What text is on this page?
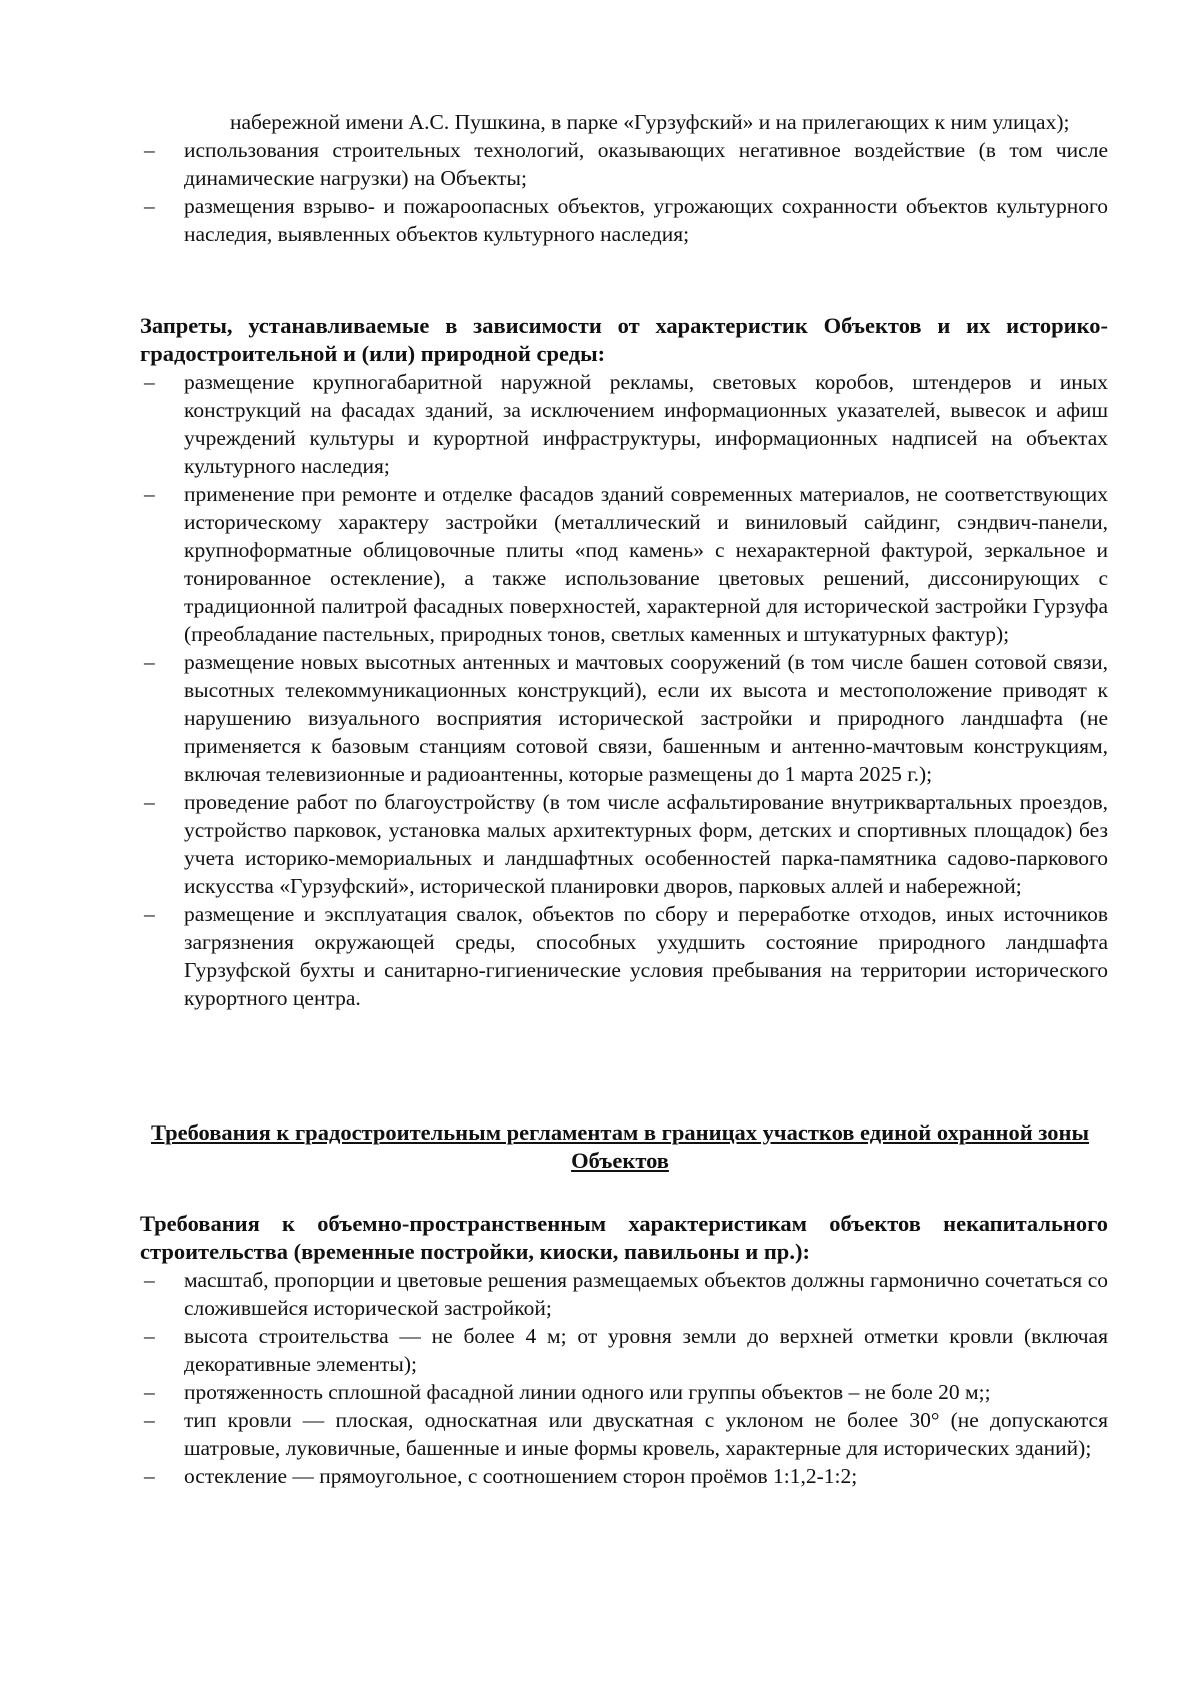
набережной имени А.С. Пушкина, в парке «Гурзуфский» и на прилегающих к ним улицах);

– использования строительных технологий, оказывающих негативное воздействие (в том числе динамические нагрузки) на Объекты;
– размещения взрыво- и пожароопасных объектов, угрожающих сохранности объектов культурного наследия, выявленных объектов культурного наследия;

Запреты, устанавливаемые в зависимости от характеристик Объектов и их историко-градостроительной и (или) природной среды:

– размещение крупногабаритной наружной рекламы, световых коробов, штендеров и иных конструкций на фасадах зданий, за исключением информационных указателей, вывесок и афиш учреждений культуры и курортной инфраструктуры, информационных надписей на объектах культурного наследия;
– применение при ремонте и отделке фасадов зданий современных материалов, не соответствующих историческому характеру застройки (металлический и виниловый сайдинг, сэндвич-панели, крупноформатные облицовочные плиты «под камень» с нехарактерной фактурой, зеркальное и тонированное остекление), а также использование цветовых решений, диссонирующих с традиционной палитрой фасадных поверхностей, характерной для исторической застройки Гурзуфа (преобладание пастельных, природных тонов, светлых каменных и штукатурных фактур);
– размещение новых высотных антенных и мачтовых сооружений (в том числе башен сотовой связи, высотных телекоммуникационных конструкций), если их высота и местоположение приводят к нарушению визуального восприятия исторической застройки и природного ландшафта (не применяется к базовым станциям сотовой связи, башенным и антенно-мачтовым конструкциям, включая телевизионные и радиоантенны, которые размещены до 1 марта 2025 г.);
– проведение работ по благоустройству (в том числе асфальтирование внутриквартальных проездов, устройство парковок, установка малых архитектурных форм, детских и спортивных площадок) без учета историко-мемориальных и ландшафтных особенностей парка-памятника садово-паркового искусства «Гурзуфский», исторической планировки дворов, парковых аллей и набережной;
– размещение и эксплуатация свалок, объектов по сбору и переработке отходов, иных источников загрязнения окружающей среды, способных ухудшить состояние природного ландшафта Гурзуфской бухты и санитарно-гигиенические условия пребывания на территории исторического курортного центра.

Требования к градостроительным регламентам в границах участков единой охранной зоны Объектов

Требования к объемно-пространственным характеристикам объектов некапитального строительства (временные постройки, киоски, павильоны и пр.):

– масштаб, пропорции и цветовые решения размещаемых объектов должны гармонично сочетаться со сложившейся исторической застройкой;
– высота строительства — не более 4 м; от уровня земли до верхней отметки кровли (включая декоративные элементы);
– протяженность сплошной фасадной линии одного или группы объектов – не боле 20 м;;
– тип кровли — плоская, односкатная или двускатная с уклоном не более 30° (не допускаются шатровые, луковичные, башенные и иные формы кровель, характерные для исторических зданий);
– остекление — прямоугольное, с соотношением сторон проёмов 1:1,2-1:2;
